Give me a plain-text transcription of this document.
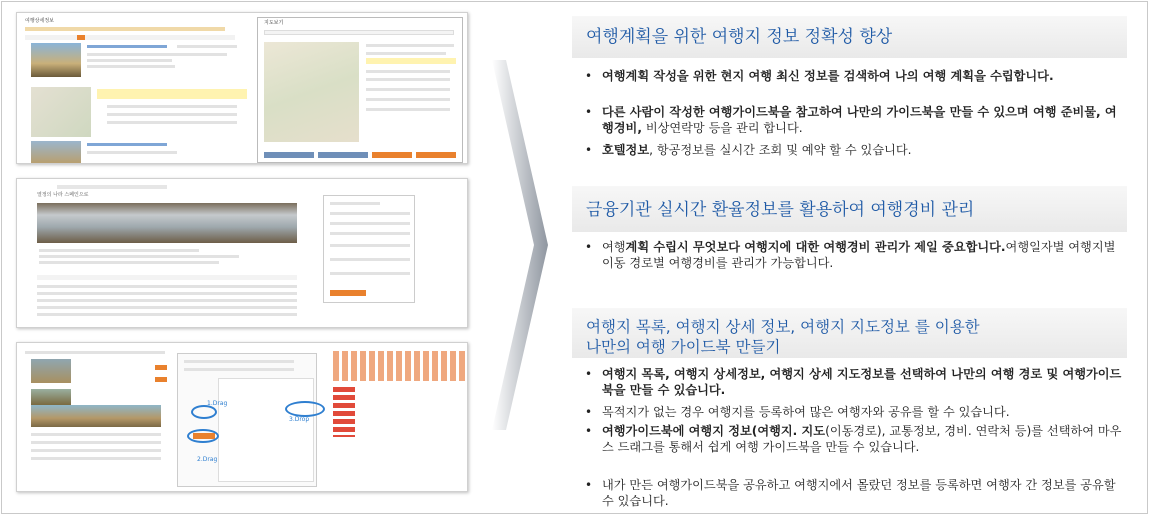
여행상세정보	지도보기
열정의 나라 스페인으로
1.Drag
2.Drag
3.Drop
여행계획을 위한 여행지 정보 정확성 향상
• 여행계획 작성을 위한 현지 여행 최신 정보를 검색하여 나의 여행 계획을 수립합니다.
• 다른 사람이 작성한 여행가이드북을 참고하여 나만의 가이드북을 만들 수 있으며 여행 준비물, 여행경비, 비상연락망 등을 관리 합니다.
• 호텔정보, 항공정보를 실시간 조회 및 예약 할 수 있습니다.
금융기관 실시간 환율정보를 활용하여 여행경비 관리
• 여행계획 수립시 무엇보다 여행지에 대한 여행경비 관리가 제일 중요합니다.여행일자별 여행지별 이동 경로별 여행경비를 관리가 가능합니다.
여행지 목록, 여행지 상세 정보, 여행지 지도정보 를 이용한
나만의 여행 가이드북 만들기
• 여행지 목록, 여행지 상세정보, 여행지 상세 지도정보를 선택하여 나만의 여행 경로 및 여행가이드북을 만들 수 있습니다.
• 목적지가 없는 경우 여행지를 등록하여 많은 여행자와 공유를 할 수 있습니다.
• 여행가이드북에 여행지 정보(여행지. 지도(이동경로), 교통정보, 경비. 연락처 등)를 선택하여 마우스 드래그를 통해서 쉽게 여행 가이드북을 만들 수 있습니다.
• 내가 만든 여행가이드북을 공유하고 여행지에서 몰랐던 정보를 등록하면 여행자 간 정보를 공유할 수 있습니다.
